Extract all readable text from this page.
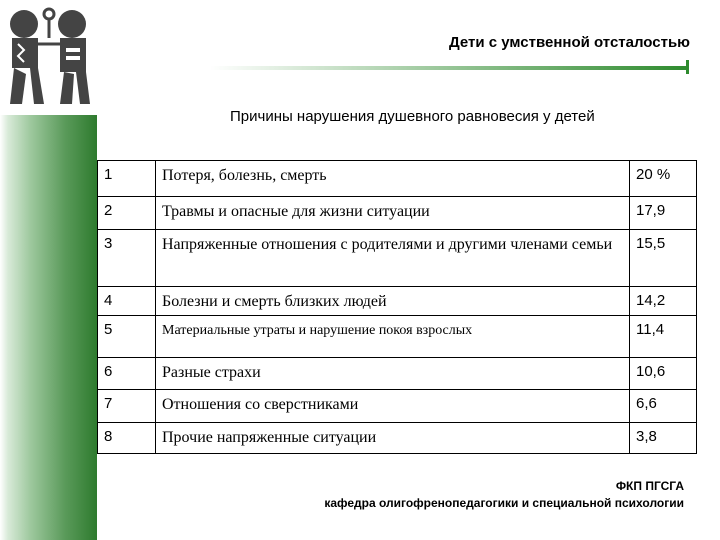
Дети с умственной отсталостью
Причины нарушения душевного равновесия у детей
1	Потеря, болезнь, смерть	20 %
2	Травмы и опасные для жизни ситуации	17,9
3	Напряженные отношения с родителями и другими членами семьи	15,5
4	Болезни и смерть близких людей	14,2
5	Материальные утраты и нарушение покоя взрослых	11,4
6	Разные страхи	10,6
7	Отношения со сверстниками	6,6
8	Прочие напряженные ситуации	3,8
ФКП ПГСГА
кафедра олигофренопедагогики и специальной психологии
